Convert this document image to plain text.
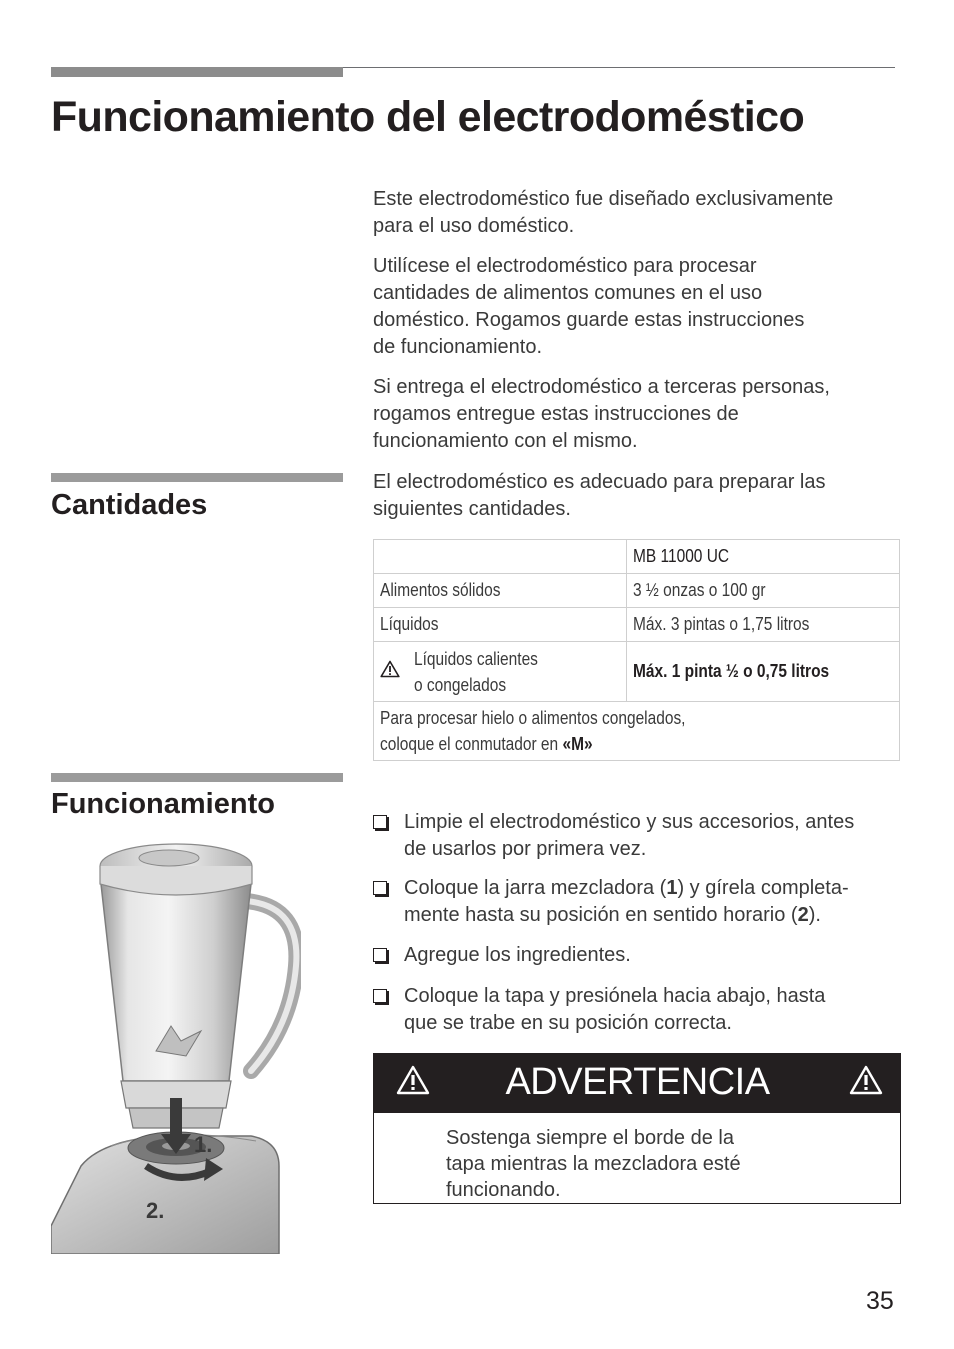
Funcionamiento del electrodoméstico
Este electrodoméstico fue diseñado exclusivamente
para el uso doméstico.
Utilícese el electrodoméstico para procesar
cantidades de alimentos comunes en el uso
doméstico. Rogamos guarde estas instrucciones
de funcionamiento.
Si entrega el electrodoméstico a terceras personas,
rogamos entregue estas instrucciones de
funcionamiento con el mismo.
Cantidades
El electrodoméstico es adecuado para preparar las
siguientes cantidades.
	MB 11000 UC
Alimentos sólidos	3 ½ onzas o 100 gr
Líquidos	Máx. 3 pintas o 1,75 litros

Líquidos calientes
o congelados	Máx. 1 pinta ½ o 0,75 litros

Para procesar hielo o alimentos congelados,
coloque el conmutador en «M»	
Funcionamiento
Limpie el electrodoméstico y sus accesorios, antes
de usarlos por primera vez.
Coloque la jarra mezcladora (1) y gírela completa-
mente hasta su posición en sentido horario (2).
Agregue los ingredientes.
Coloque la tapa y presiónela hacia abajo, hasta
que se trabe en su posición correcta.
ADVERTENCIA
Sostenga siempre el borde de la
tapa mientras la mezcladora esté
funcionando.
1.
2.
35
